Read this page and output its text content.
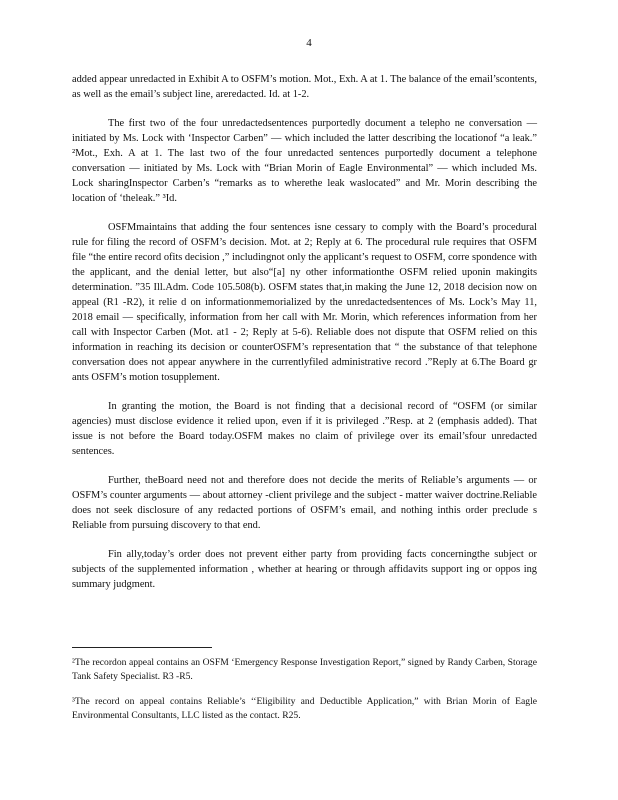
4

added appear unredacted in Exhibit A to OSFM’s motion. Mot., Exh. A at 1. The balance of the email’scontents, as well as the email’s subject line, areredacted. Id. at 1-2.

The first two of the four unredactedsentences purportedly document a telepho ne conversation — initiated by Ms. Lock with ‘Inspector Carben” — which included the latter describing the locationof “a leak.” ²Mot., Exh. A at 1. The last two of the four unredacted sentences purportedly document a telephone conversation — initiated by Ms. Lock with “Brian Morin of Eagle Environmental” — which included Ms. Lock sharingInspector Carben’s “remarks as to wherethe leak waslocated” and Mr. Morin describing the location of ‘theleak.” ³Id.

OSFMmaintains that adding the four sentences isne cessary to comply with the Board’s procedural rule for filing the record of OSFM’s decision. Mot. at 2; Reply at 6. The procedural rule requires that OSFM file “the entire record ofits decision ,” includingnot only the applicant’s request to OSFM, corre spondence with the applicant, and the denial letter, but also“[a] ny other informationthe OSFM relied uponin makingits determination. ”35 Ill.Adm. Code 105.508(b). OSFM states that,in making the June 12, 2018 decision now on appeal (R1 -R2), it relie d on informationmemorialized by the unredactedsentences of Ms. Lock’s May 11, 2018 email — specifically, information from her call with Mr. Morin, which references information from her call with Inspector Carben (Mot. at1 - 2; Reply at 5-6). Reliable does not dispute that OSFM relied on this information in reaching its decision or counterOSFM’s representation that “ the substance of that telephone conversation does not appear anywhere in the currentlyfiled administrative record .”Reply at 6.The Board gr ants OSFM’s motion tosupplement.

In granting the motion, the Board is not finding that a decisional record of “OSFM (or similar agencies) must disclose evidence it relied upon, even if it is privileged .”Resp. at 2 (emphasis added). That issue is not before the Board today.OSFM makes no claim of privilege over its email’sfour unredacted sentences.

Further, theBoard need not and therefore does not decide the merits of Reliable’s arguments — or OSFM’s counter arguments — about attorney -client privilege and the subject - matter waiver doctrine.Reliable does not seek disclosure of any redacted portions of OSFM’s email, and nothing inthis order preclude s Reliable from pursuing discovery to that end.

Fin ally,today’s order does not prevent either party from providing facts concerningthe subject or subjects of the supplemented information , whether at hearing or through affidavits support ing or oppos ing summary judgment.

²The recordon appeal contains an OSFM ‘Emergency Response Investigation Report,” signed by Randy Carben, Storage Tank Safety Specialist. R3 -R5.

³The record on appeal contains Reliable’s ‘‘Eligibility and Deductible Application,” with Brian Morin of Eagle Environmental Consultants, LLC listed as the contact. R25.
